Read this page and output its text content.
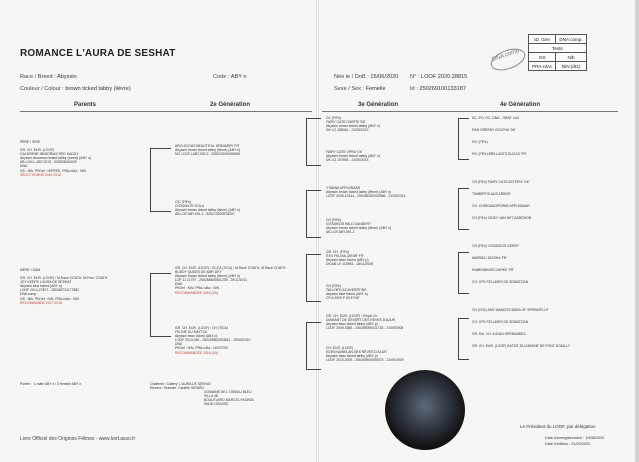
ROMANCE L'AURA DE SESHAT
Race / Breed : Abyssin
Couleur / Colour : brown ticked tabby (lièvre)
Code : ABY n	Née le / DoB : 15/06/2020 N° : LOOF 2020.28815
Sexe / Sex : Femelle	Id : 250269100133187
DNA comp.
ID. Gen	DNA comp.
Tests	
GS	N/b
PRA-rdAc	N/N (dt1)
Parents	2e Génération	3e Génération	4e Génération
PÈRE / SIRE
GR. CH. EUR. (LOOF)
GALDRENE NEMORIAS RED DADDY
Abyssin cinnamon ticked tabby (sorrel) (ABY o)
AB LOH.L.ABY.2013 - 528294000029
DNA
GS : N/b, PKDef : N/PRED, PRA-rdAc : N/N
SÉLECTIONNÉ 2016 2016
MÈRE / DAM
GR. CH. EUR. (LOOF) / M.Race COATH, M.Fem. COATH
JOY KEEPS L'AURA DE SESHAT
Abyssin blue ticked (ABY a)
LOOF 2014.27307 - 250268731177882
DNA comp.
GS : N/b, PKDef : N/N, PRA-rdAc : N/N
RECOMMANDÉ 2017 2016
ARVLICIOUS BEAUTIFUL DREAMER 'FR'
Abyssin brown ticked tabby (lièvre) (ABY n)
NO LOOF.LABY.093.2 - 528210000195665
CIC (FIFe)
GITADIKOS VIOLA
Abyssin brown ticked tabby (lièvre) (ABY n)
AB.LOF.ABY.091.2 - 528210000978207
GR. CH. EUR. (LOOF) / SCCA (TICA) / M.Race COATH, M.Race COATH
BUDDY QUEEN DE AMR DEY
Abyssin brown ticked tabby (lièvre) (ABY n)
LOF 11.11797 - 250268500551239 - 29/11/2011
DNA
PKDef : N/N, PRA-rdAc : N/N
RECOMMANDÉE 2016 (4A)
GR. CH. EUR. (LOOF) / CH (TICA)
FELINE DU MAYTZA
Abyssin fawn ticked (ABY p)
LOOF 2013.046 - 250269500053811 - 25/09/2010
DNA
PKDef : N/N, PRA-rdAc : N/ICF290
RECOMMANDÉE 2016 (4A)
GC (FIFe)
FAIRY CATS DIMITRI 'DK'
Abyssin brown ticked tabby (ABY n)
DK LO 158461 - 21/05/2013
FAIRY CATS OPRA 'DK'
Abyssin brown ticked tabby (ABY n)
DK LO 157695 - 21/05/2013
YTABNA APPLEBAAR
Abyssin brown ticked tabby (lièvre) (ABY n)
LOOF 2006.12344 - 250268100000966 - 21/05/2014
CH (FIFe)
GITADIKOS WILD DANDERY
Abyssin brown ticked tabby (lièvre) (ABY n)
AB.LOF.ABY.091.2
GR. CH. (FIFe)
EXO FELINA JAFAR 'FR'
Abyssin fawn ticked (ABY p)
DK/AB LK 115984 - 18/11/2008
CH (FIFe)
TALLYBYLAS AVERSTINE
Abyssin blue ticked (ABY a)
CP.A 2009 P 00.EYSE
GR. CH. EUR. (LOOF) / Royal Ch.
DIAMANT DE DESERT DES REVES D'AZUR
Abyssin fawn ticked tabby (ABY p)
LOOF 2009.1585 - 250269050011725 - 21/09/2008
CH. EUR. (LOOF)
EDEN NAWELAN DES RÊVES D'AZUR
Abyssin fawn ticked tabby (ABY p)
LOOF 2010.2005 - 250269500050075 - 21/09/2009
SC, PO, OC, DNA - GRAF LUX
RAH GREENY GOLFHA 'DK'
FIC (FIFe)
FIC (FIFe) BRILLANTS DUCAS 'FR'
CH (FIFe) FAIRY CATS ASTERIX 'DK'
TIMBERTIS AUS ARBOR
CH. CHIRGANOPERNE APPLEBAAR
CH (FIFe) VIDEY VAN HET AARDHOB
CH (FIFe) GITADIKOS GERRY
MARBELI DIXSHA 'FR'
HUBENNINGS DARKE 'FR'
CH. CFS FELLINES DE SEBASTIAN
CH (CFA) AMY MAMOTS BARA OF SPRINGFLUT
CH. CFS FELLINES DE SEBASTIAN
GR. Ent. CH. AJDAN HERNANDEZ
GR. CH. EUR. (LOOF) BATIST-DU AMOINE DE PONT-DOUILLY
Portée : 1 mâle ABY n / 3 femelle ABY n	Chatterie / Cattery L'AURA DE SESHAT
Eleveur / Breeder Danièle GIRARD
DOMAINE DE L'OISEAU BLEU
VILLA 48
BOULEVARD MARCEL PAGNOL
06130 GRASSE
Le Président du LOOF, par délégation
Date d'enregistrement : 19/08/2020
Date d'édition : 21/09/2020
Livre Officiel des Origines Félines - www.loof.asso.fr
